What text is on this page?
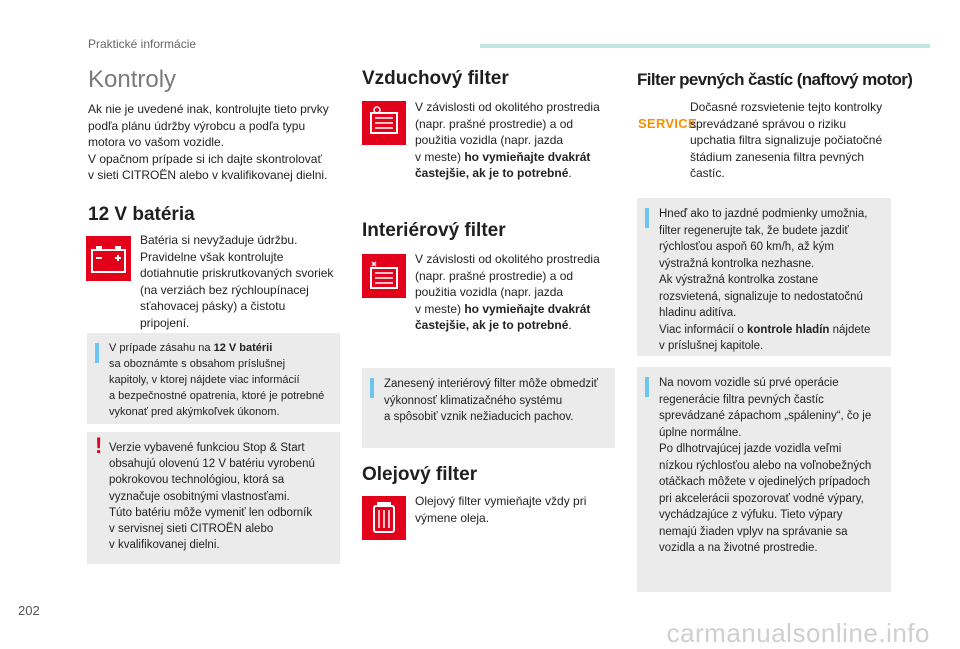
Praktické informácie
Kontroly
Ak nie je uvedené inak, kontrolujte tieto prvky
podľa plánu údržby výrobcu a podľa typu
motora vo vašom vozidle.
V opačnom prípade si ich dajte skontrolovať
v sieti CITROËN alebo v kvalifikovanej dielni.
12 V batéria
Batéria si nevyžaduje údržbu.
Pravidelne však kontrolujte
dotiahnutie priskrutkovaných svoriek
(na verziách bez rýchloupínacej
sťahovacej pásky) a čistotu
pripojení.
V prípade zásahu na 12 V batérii
sa oboznámte s obsahom príslušnej
kapitoly, v ktorej nájdete viac informácií
a bezpečnostné opatrenia, ktoré je potrebné
vykonať pred akýmkoľvek úkonom.
! Verzie vybavené funkciou Stop & Start
obsahujú olovenú 12 V batériu vyrobenú
pokrokovou technológiou, ktorá sa
vyznačuje osobitnými vlastnosťami.
Túto batériu môže vymeniť len odborník
v servisnej sieti CITROËN alebo
v kvalifikovanej dielni.
Vzduchový filter
V závislosti od okolitého prostredia
(napr. prašné prostredie) a od
použitia vozidla (napr. jazda
v meste) ho vymieňajte dvakrát
častejšie, ak je to potrebné.
Interiérový filter
V závislosti od okolitého prostredia
(napr. prašné prostredie) a od
použitia vozidla (napr. jazda
v meste) ho vymieňajte dvakrát
častejšie, ak je to potrebné.
Zanesený interiérový filter môže obmedziť
výkonnosť klimatizačného systému
a spôsobiť vznik nežiaducich pachov.
Olejový filter
Olejový filter vymieňajte vždy pri
výmene oleja.
Filter pevných častíc (naftový motor)
SERVICE
Dočasné rozsvietenie tejto kontrolky
sprevádzané správou o riziku
upchatia filtra signalizuje počiatočné
štádium zanesenia filtra pevných
častíc.
Hneď ako to jazdné podmienky umožnia,
filter regenerujte tak, že budete jazdiť
rýchlosťou aspoň 60 km/h, až kým
výstražná kontrolka nezhasne.
Ak výstražná kontrolka zostane
rozsvietená, signalizuje to nedostatočnú
hladinu aditíva.
Viac informácií o kontrole hladín nájdete
v príslušnej kapitole.
Na novom vozidle sú prvé operácie
regenerácie filtra pevných častíc
sprevádzané zápachom „spáleniny“, čo je
úplne normálne.
Po dlhotrvajúcej jazde vozidla veľmi
nízkou rýchlosťou alebo na voľnobežných
otáčkach môžete v ojedinelých prípadoch
pri akcelerácii spozorovať vodné výpary,
vychádzajúce z výfuku. Tieto výpary
nemajú žiaden vplyv na správanie sa
vozidla a na životné prostredie.
202
carmanualsonline.info
